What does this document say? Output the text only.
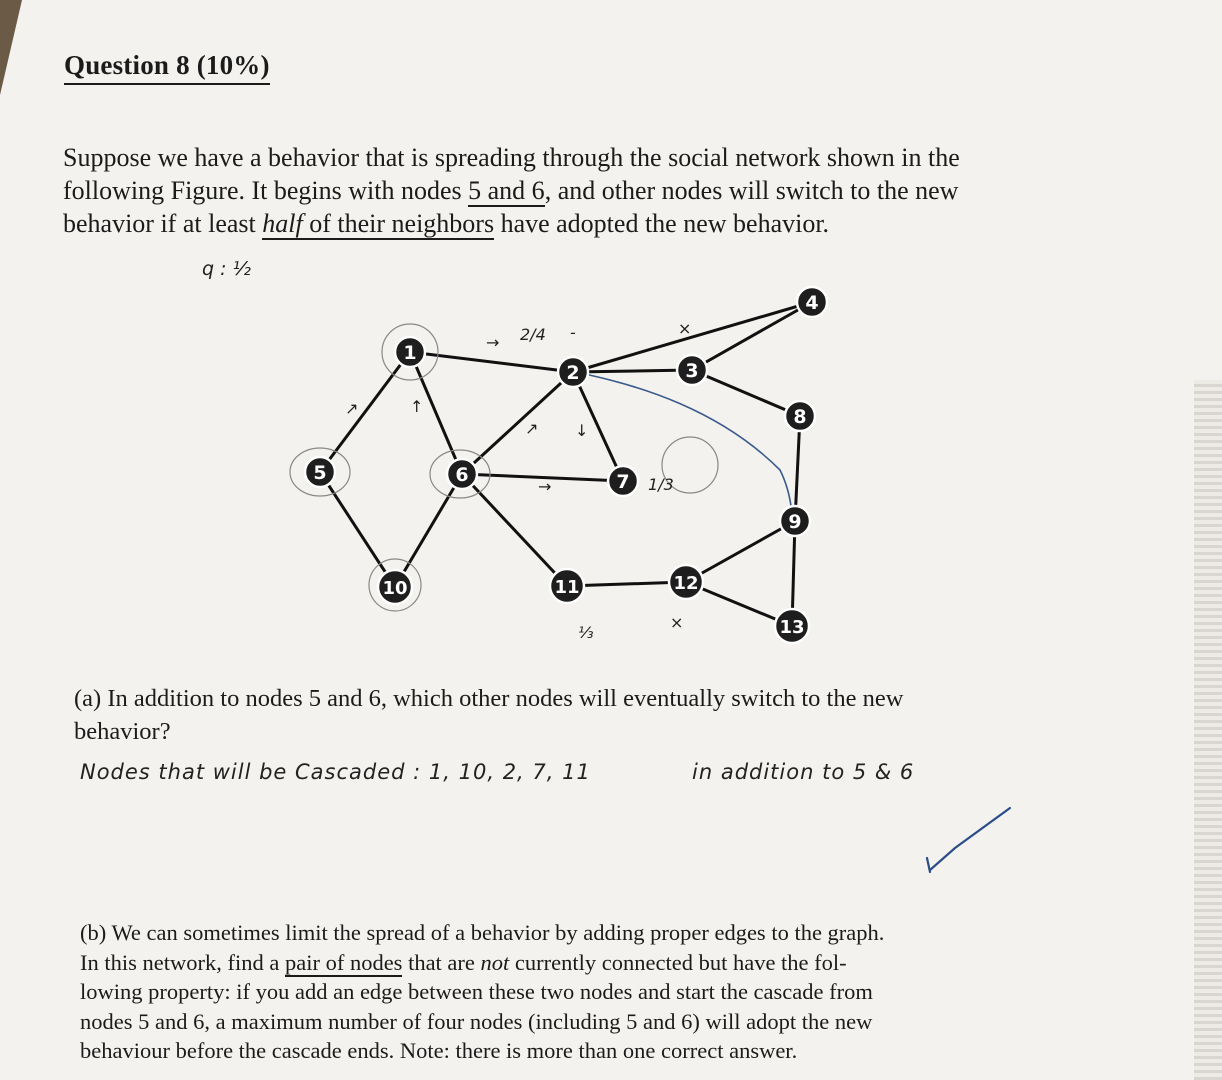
Question 8 (10%)
Suppose we have a behavior that is spreading through the social network shown in the
following Figure. It begins with nodes 5 and 6, and other nodes will switch to the new
behavior if at least half of their neighbors have adopted the new behavior.
q : ½
1
2	3
4
5	6	7
8
9
10	11	12
13
2/4
1/3
⅓
→
-	×
×
↗	↑
↗ ↓
→
(a) In addition to nodes 5 and 6, which other nodes will eventually switch to the new
behavior?
Nodes that will be Cascaded : 1, 10, 2, 7, 11	in addition to 5 & 6
(b) We can sometimes limit the spread of a behavior by adding proper edges to the graph.
In this network, find a pair of nodes that are not currently connected but have the fol-
lowing property: if you add an edge between these two nodes and start the cascade from
nodes 5 and 6, a maximum number of four nodes (including 5 and 6) will adopt the new
behaviour before the cascade ends. Note: there is more than one correct answer.
